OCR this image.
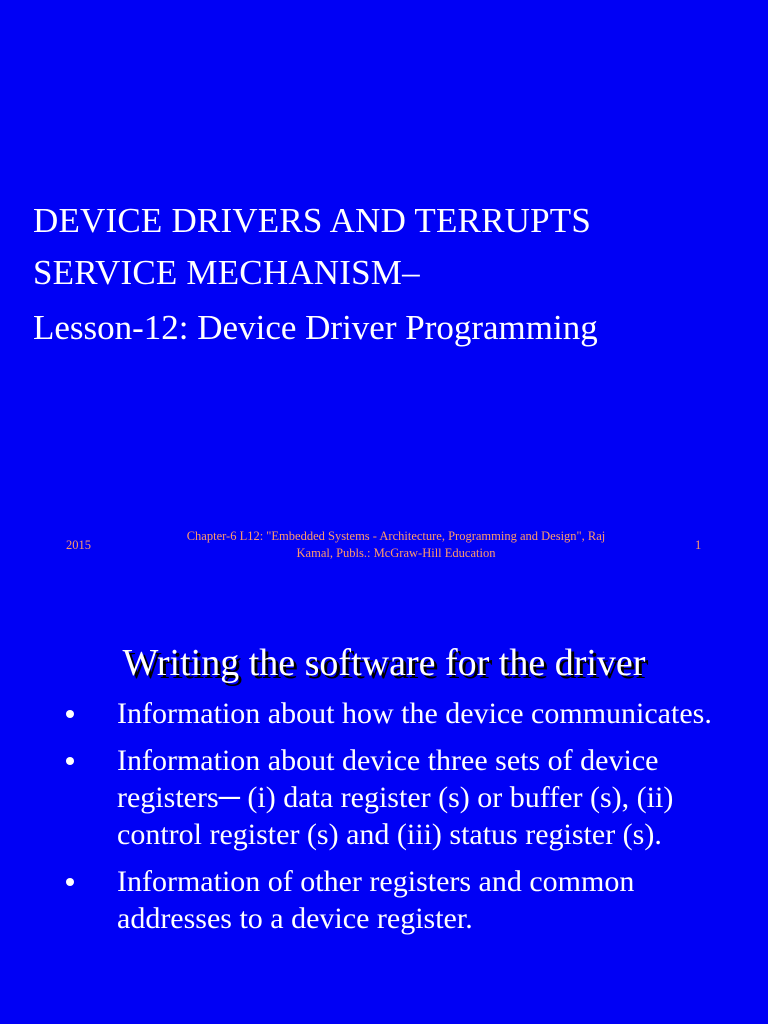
DEVICE DRIVERS AND TERRUPTS
SERVICE MECHANISM–
Lesson-12: Device Driver Programming
2015
Chapter-6 L12: "Embedded Systems - Architecture, Programming and Design", Raj Kamal, Publs.: McGraw-Hill Education
1
Writing the software for the driver
Information about how the device communicates.
Information about device three sets of device registers─ (i) data register (s) or buffer (s), (ii) control register (s) and (iii) status register (s).
Information of other registers and common addresses to a device register.
